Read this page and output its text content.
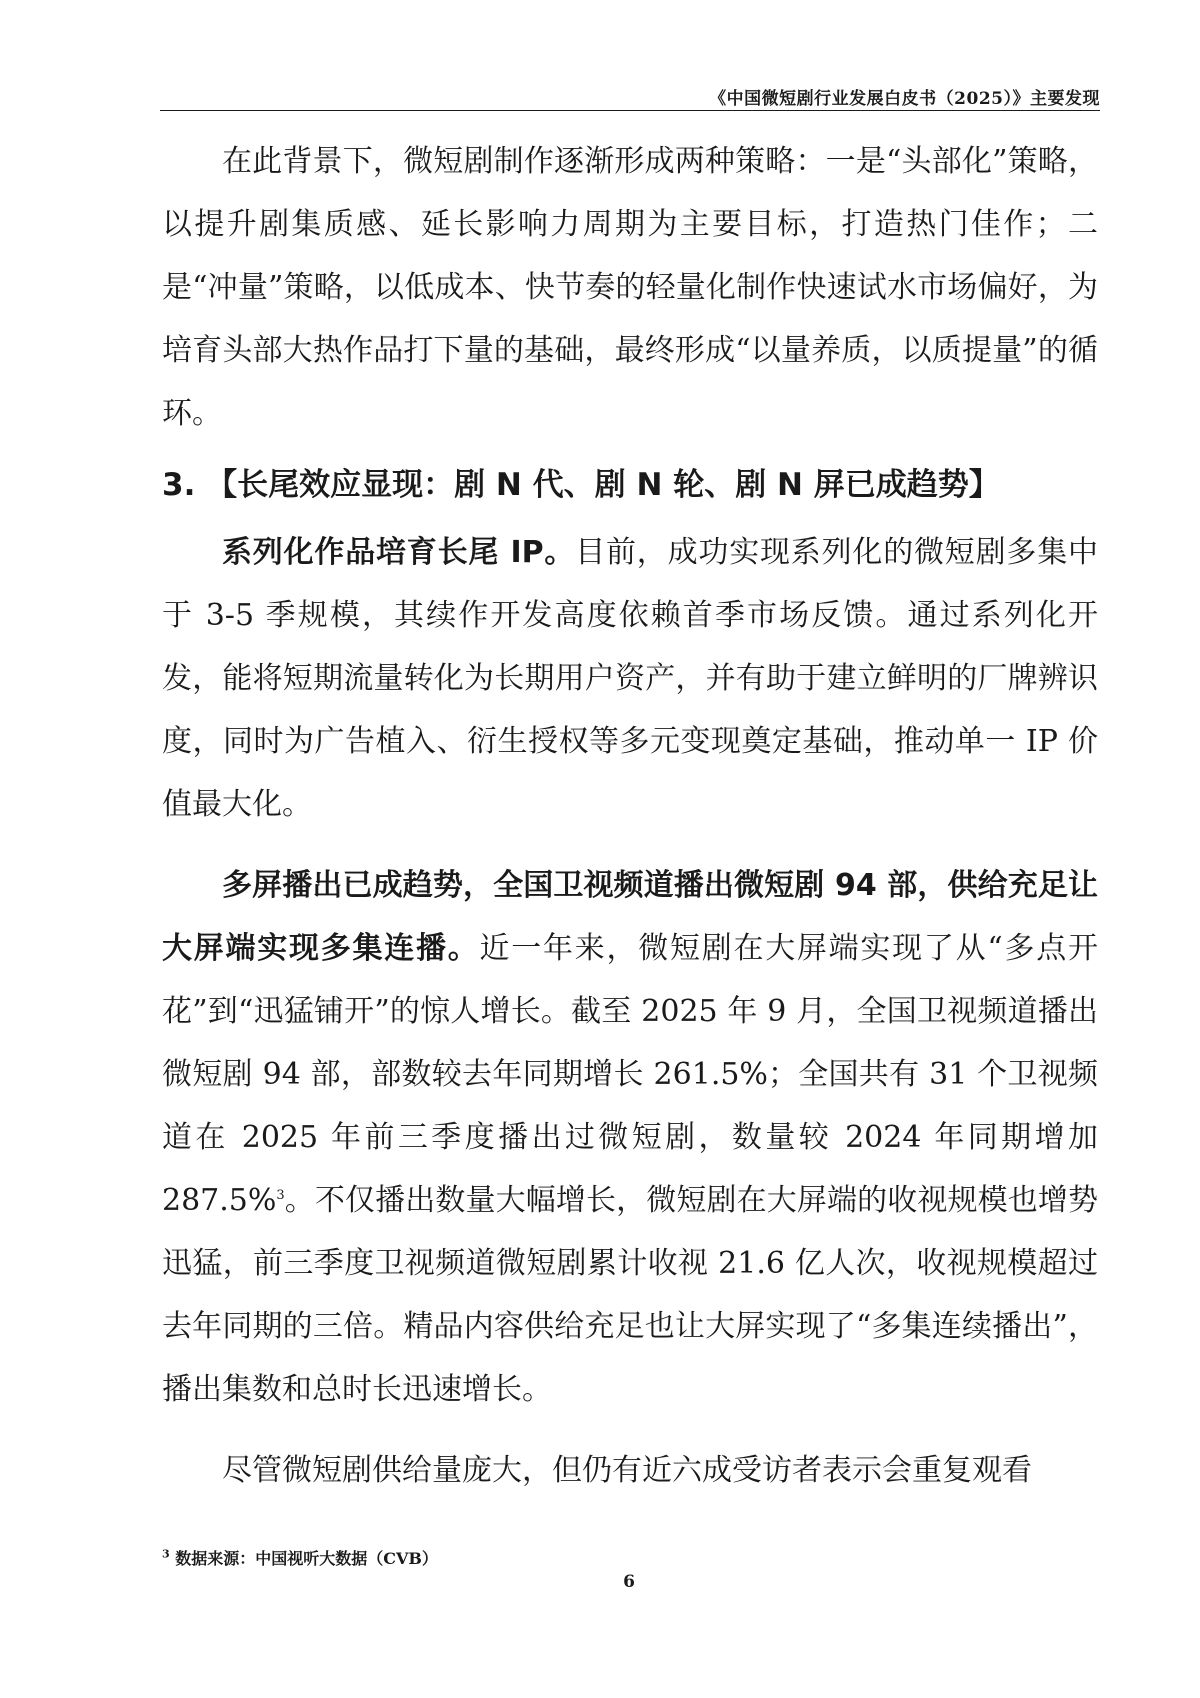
《中国微短剧行业发展白皮书（2025）》主要发现

在此背景下，微短剧制作逐渐形成两种策略：一是“头部化”策略，以提升剧集质感、延长影响力周期为主要目标，打造热门佳作；二是“冲量”策略，以低成本、快节奏的轻量化制作快速试水市场偏好，为培育头部大热作品打下量的基础，最终形成“以量养质，以质提量”的循环。

3. 【长尾效应显现：剧 N 代、剧 N 轮、剧 N 屏已成趋势】

系列化作品培育长尾 IP。目前，成功实现系列化的微短剧多集中于 3-5 季规模，其续作开发高度依赖首季市场反馈。通过系列化开发，能将短期流量转化为长期用户资产，并有助于建立鲜明的厂牌辨识度，同时为广告植入、衍生授权等多元变现奠定基础，推动单一 IP 价值最大化。

多屏播出已成趋势，全国卫视频道播出微短剧 94 部，供给充足让大屏端实现多集连播。近一年来，微短剧在大屏端实现了从“多点开花”到“迅猛铺开”的惊人增长。截至 2025 年 9 月，全国卫视频道播出微短剧 94 部，部数较去年同期增长 261.5%；全国共有 31 个卫视频道在 2025 年前三季度播出过微短剧，数量较 2024 年同期增加 287.5%$^3$。不仅播出数量大幅增长，微短剧在大屏端的收视规模也增势迅猛，前三季度卫视频道微短剧累计收视 21.6 亿人次，收视规模超过去年同期的三倍。精品内容供给充足也让大屏实现了“多集连续播出”，播出集数和总时长迅速增长。

尽管微短剧供给量庞大，但仍有近六成受访者表示会重复观看

$^3$ 数据来源：中国视听大数据（CVB）
6
